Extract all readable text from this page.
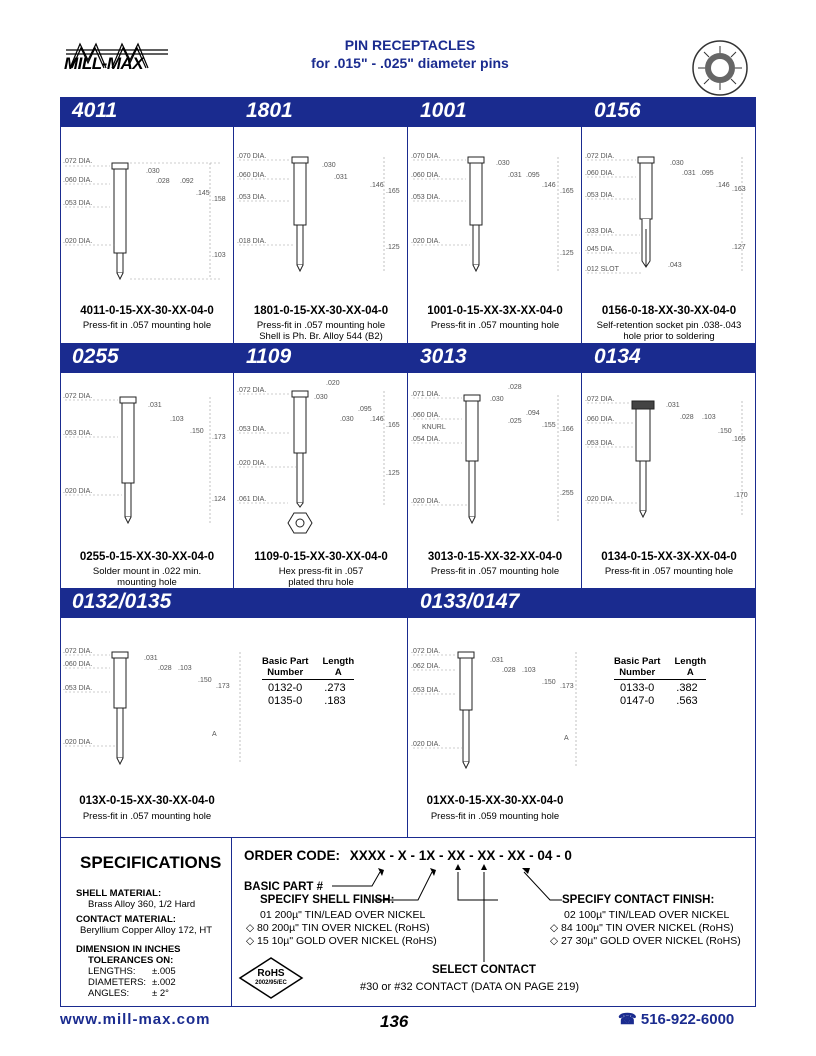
MILL-MAX
PIN RECEPTACLES
for .015" - .025" diameter pins
4011	1801	1001	0156
.072 DIA.
.060 DIA.
.053 DIA.
.020 DIA.
.030
.028 .092
.145
.158
.103
4011-0-15-XX-30-XX-04-0
Press-fit in .057 mounting hole
.070 DIA.
.060 DIA.
.053 DIA.
.018 DIA.
.030
.031
.146
.165
.125
1801-0-15-XX-30-XX-04-0
Press-fit in .057 mounting hole
Shell is Ph. Br. Alloy 544 (B2)
.070 DIA.
.060 DIA.
.053 DIA.
.020 DIA.
.030
.031 .095
.146
.165
.125
1001-0-15-XX-3X-XX-04-0
Press-fit in .057 mounting hole
.072 DIA.
.060 DIA.
.053 DIA.
.033 DIA.
.045 DIA.
.012 SLOT
.030
.031 .095
.146
.163
.127
.043
0156-0-18-XX-30-XX-04-0
Self-retention socket pin .038-.043
hole prior to soldering
0255	1109	3013	0134
.072 DIA.
.053 DIA.
.020 DIA.
.031
.103
.150
.173
.124
0255-0-15-XX-30-XX-04-0
Solder mount in .022 min.
mounting hole
.072 DIA.
.053 DIA.
.020 DIA.
.061 DIA.
.020
.030
.095
.030 .146
.165
.125
1109-0-15-XX-30-XX-04-0
Hex press-fit in .057
plated thru hole
.071 DIA.
.060 DIA.
KNURL
.054 DIA.
.020 DIA.
.028
.030
.094
.025
.155
.166
.255
3013-0-15-XX-32-XX-04-0
Press-fit in .057 mounting hole
.072 DIA.
.060 DIA.
.053 DIA.
.020 DIA.
.031
.028 .103
.150
.165
.170
0134-0-15-XX-3X-XX-04-0
Press-fit in .057 mounting hole
0132/0135	0133/0147
.072 DIA.
.060 DIA.
.053 DIA.
.020 DIA.
.031
.028 .103
.150
.173
A
Basic Part
Number
Length
A
0132-0 .273
0135-0 .183
013X-0-15-XX-30-XX-04-0
Press-fit in .057 mounting hole
.072 DIA.
.062 DIA.
.053 DIA.
.020 DIA.
.031
.028 .103
.150
.173
A
Basic Part
Number
Length
A
0133-0 .382
0147-0 .563
01XX-0-15-XX-30-XX-04-0
Press-fit in .059 mounting hole
SPECIFICATIONS
SHELL MATERIAL:
Brass Alloy 360, 1/2 Hard
CONTACT MATERIAL:
Beryllium Copper Alloy 172, HT
DIMENSION IN INCHES
TOLERANCES ON:
LENGTHS: ±.005
DIAMETERS: ±.002
ANGLES: ± 2°
ORDER CODE: XXXX - X - 1X - XX - XX - XX - 04 - 0
BASIC PART #
SPECIFY SHELL FINISH:
01 200µ" TIN/LEAD OVER NICKEL
◇ 80 200µ" TIN OVER NICKEL (RoHS)
◇ 15 10µ" GOLD OVER NICKEL (RoHS)
SPECIFY CONTACT FINISH:
02 100µ" TIN/LEAD OVER NICKEL
◇ 84 100µ" TIN OVER NICKEL (RoHS)
◇ 27 30µ" GOLD OVER NICKEL (RoHS)
SELECT CONTACT
#30 or #32 CONTACT (DATA ON PAGE 219)
RoHS
2002/95/EC
www.mill-max.com	136	☎ 516-922-6000
